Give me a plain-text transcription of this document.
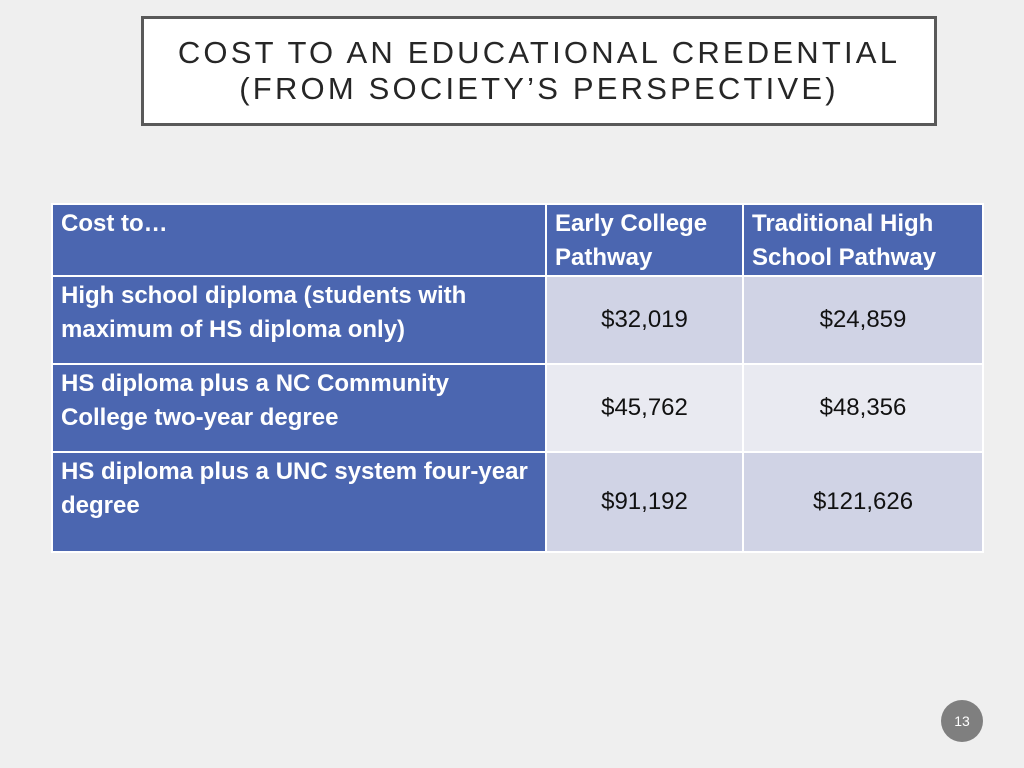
COST TO AN EDUCATIONAL CREDENTIAL
(FROM SOCIETY’S PERSPECTIVE)
Cost to…	Early College Pathway	Traditional High School Pathway
High school diploma (students with maximum of HS diploma only)	$32,019	$24,859
HS diploma plus a NC Community College two-year degree	$45,762	$48,356
HS diploma plus a UNC system four-year degree	$91,192	$121,626
13
